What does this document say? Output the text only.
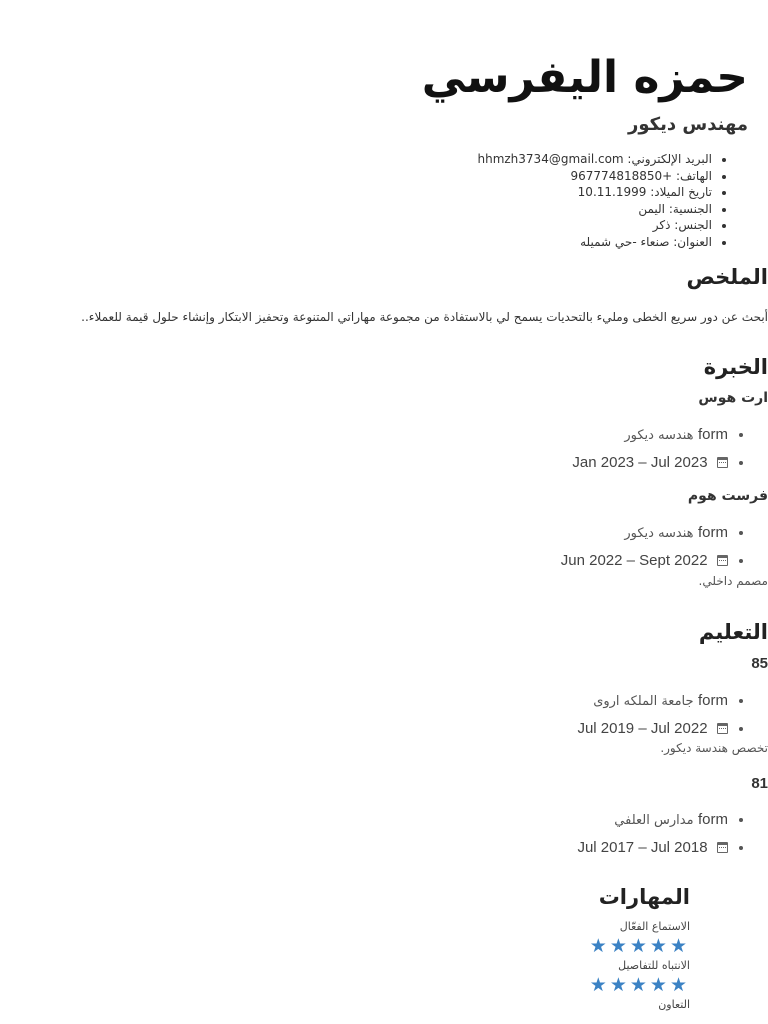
حمزه اليفرسي
مهندس ديكور
• البريد الإلكتروني: hhmzh3734@gmail.com
• الهاتف: +967774818850
• تاريخ الميلاد: 10.11.1999
• الجنسية: اليمن
• الجنس: ذكر
• العنوان: صنعاء -حي شميله
الملخص

أبحث عن دور سريع الخطى ومليء بالتحديات يسمح لي بالاستفادة من مجموعة مهاراتي المتنوعة وتحفيز الابتكار وإنشاء حلول قيمة للعملاء..

الخبرة
ارت هوس
• form هندسه ديكور
• Jan 2023 – Jul 2023
فرست هوم
• form هندسه ديكور
• Jun 2022 – Sept 2022

مصمم داخلي.

التعليم

85

• form جامعة الملكه اروى
• Jul 2019 – Jul 2022

تخصص هندسة ديكور.

81

• form مدارس العلفي
• Jul 2017 – Jul 2018
المهارات
الاستماع الفعّال
★★★★★
الانتباه للتفاصيل
★★★★★
التعاون
